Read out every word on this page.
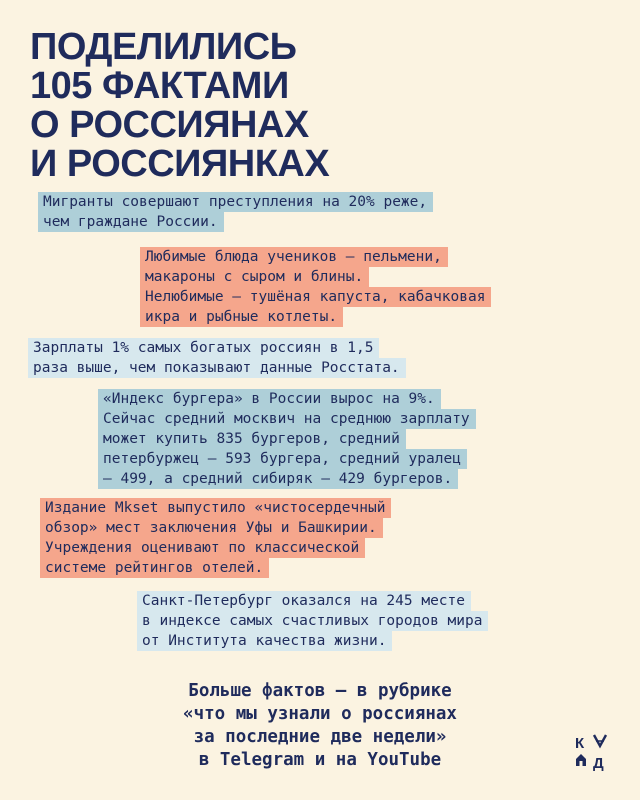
ПОДЕЛИЛИСЬ
105 ФАКТАМИ
О РОССИЯНАХ
И РОССИЯНКАХ
Мигранты совершают преступления на 20% реже,
чем граждане России.
Любимые блюда учеников — пельмени,
макароны с сыром и блины.
Нелюбимые — тушёная капуста, кабачковая
икра и рыбные котлеты.
Зарплаты 1% самых богатых россиян в 1,5
раза выше, чем показывают данные Росстата.
«Индекс бургера» в России вырос на 9%.
Сейчас средний москвич на среднюю зарплату
может купить 835 бургеров, средний
петербуржец — 593 бургера, средний уралец
— 499, а средний сибиряк — 429 бургеров.
Издание Mkset выпустило «чистосердечный
обзор» мест заключения Уфы и Башкирии.
Учреждения оценивают по классической
системе рейтингов отелей.
Санкт-Петербург оказался на 245 месте
в индексе самых счастливых городов мира
от Института качества жизни.
Больше фактов — в рубрике
«что мы узнали о россиянах
за последние две недели»
в Telegram и на YouTube
К
Д
